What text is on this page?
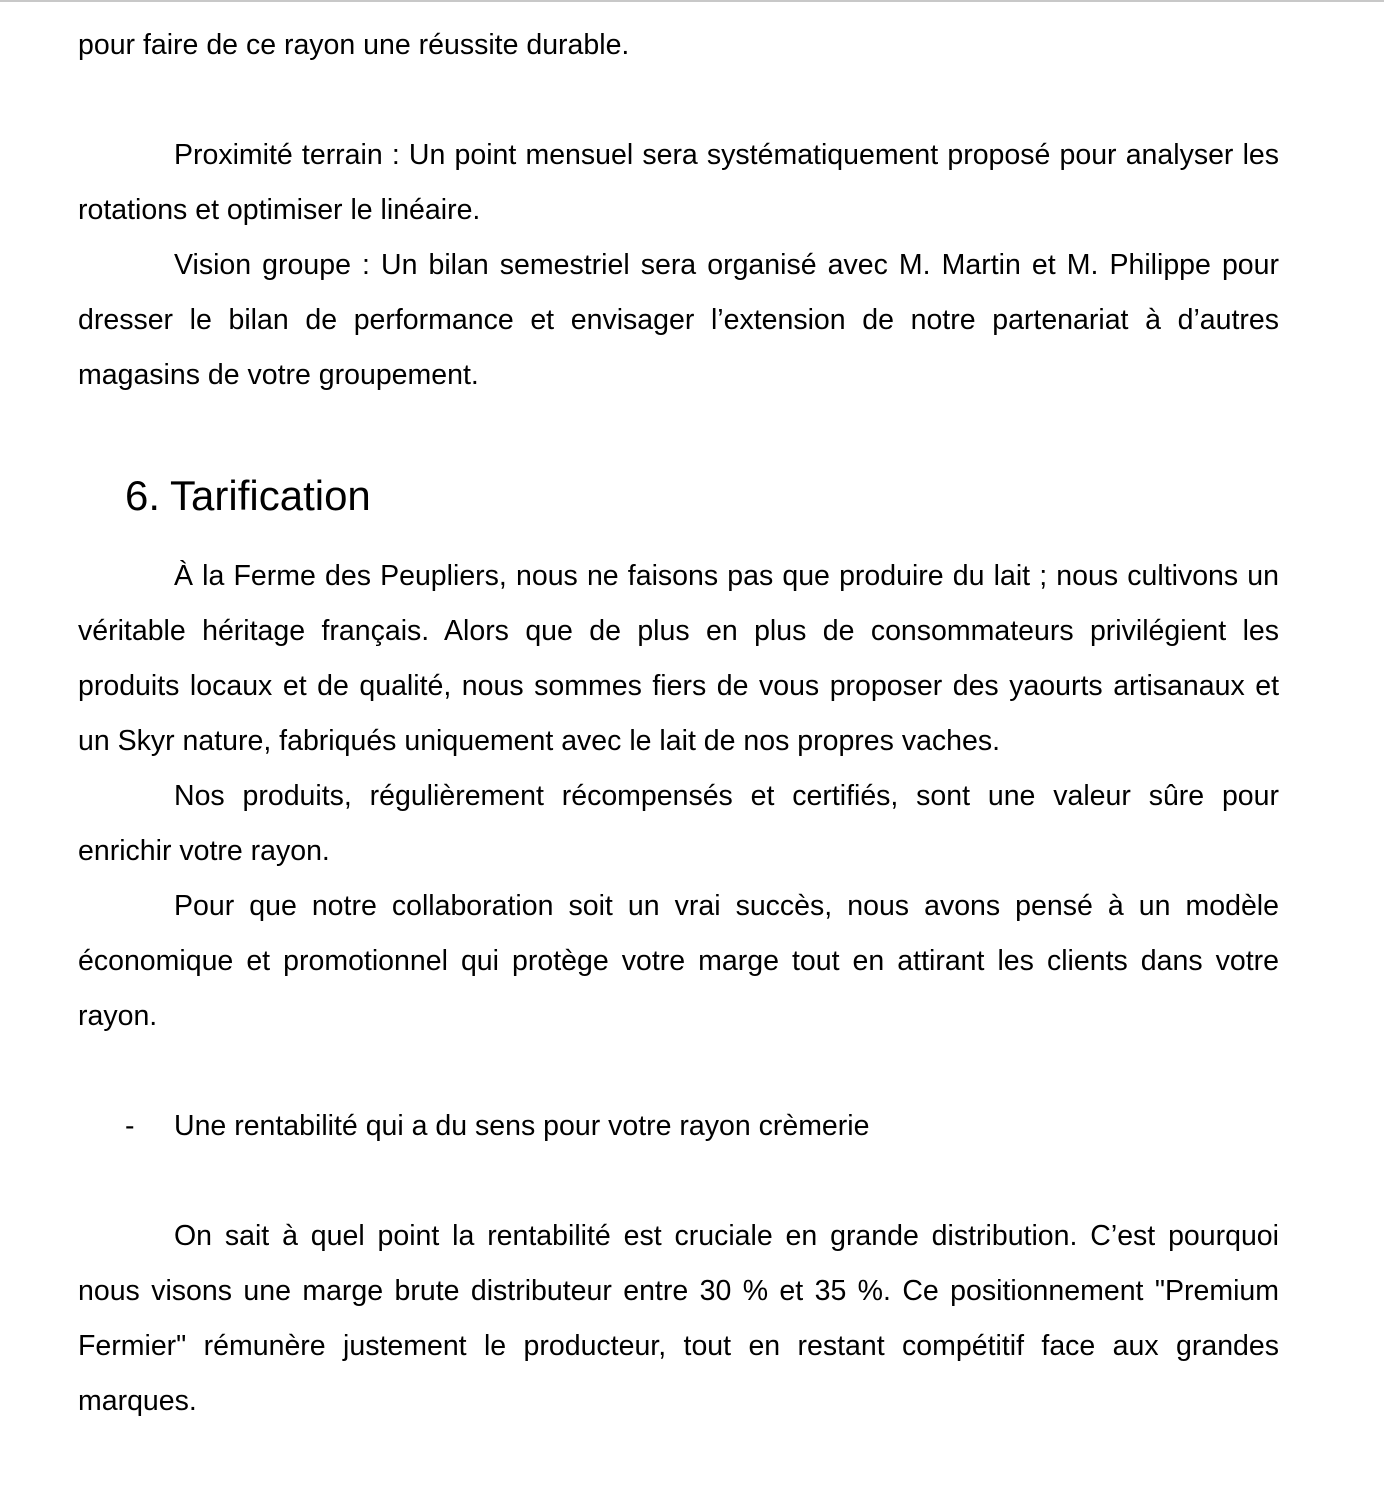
pour faire de ce rayon une réussite durable.

Proximité terrain : Un point mensuel sera systématiquement proposé pour analyser les rotations et optimiser le linéaire.

Vision groupe : Un bilan semestriel sera organisé avec M. Martin et M. Philippe pour dresser le bilan de performance et envisager l’extension de notre partenariat à d’autres magasins de votre groupement.

6. Tarification

À la Ferme des Peupliers, nous ne faisons pas que produire du lait ; nous cultivons un véritable héritage français. Alors que de plus en plus de consommateurs privilégient les produits locaux et de qualité, nous sommes fiers de vous proposer des yaourts artisanaux et un Skyr nature, fabriqués uniquement avec le lait de nos propres vaches.

Nos produits, régulièrement récompensés et certifiés, sont une valeur sûre pour enrichir votre rayon.

Pour que notre collaboration soit un vrai succès, nous avons pensé à un modèle économique et promotionnel qui protège votre marge tout en attirant les clients dans votre rayon.

-	Une rentabilité qui a du sens pour votre rayon crèmerie

On sait à quel point la rentabilité est cruciale en grande distribution. C’est pourquoi nous visons une marge brute distributeur entre 30 % et 35 %. Ce positionnement "Premium Fermier" rémunère justement le producteur, tout en restant compétitif face aux grandes marques.
